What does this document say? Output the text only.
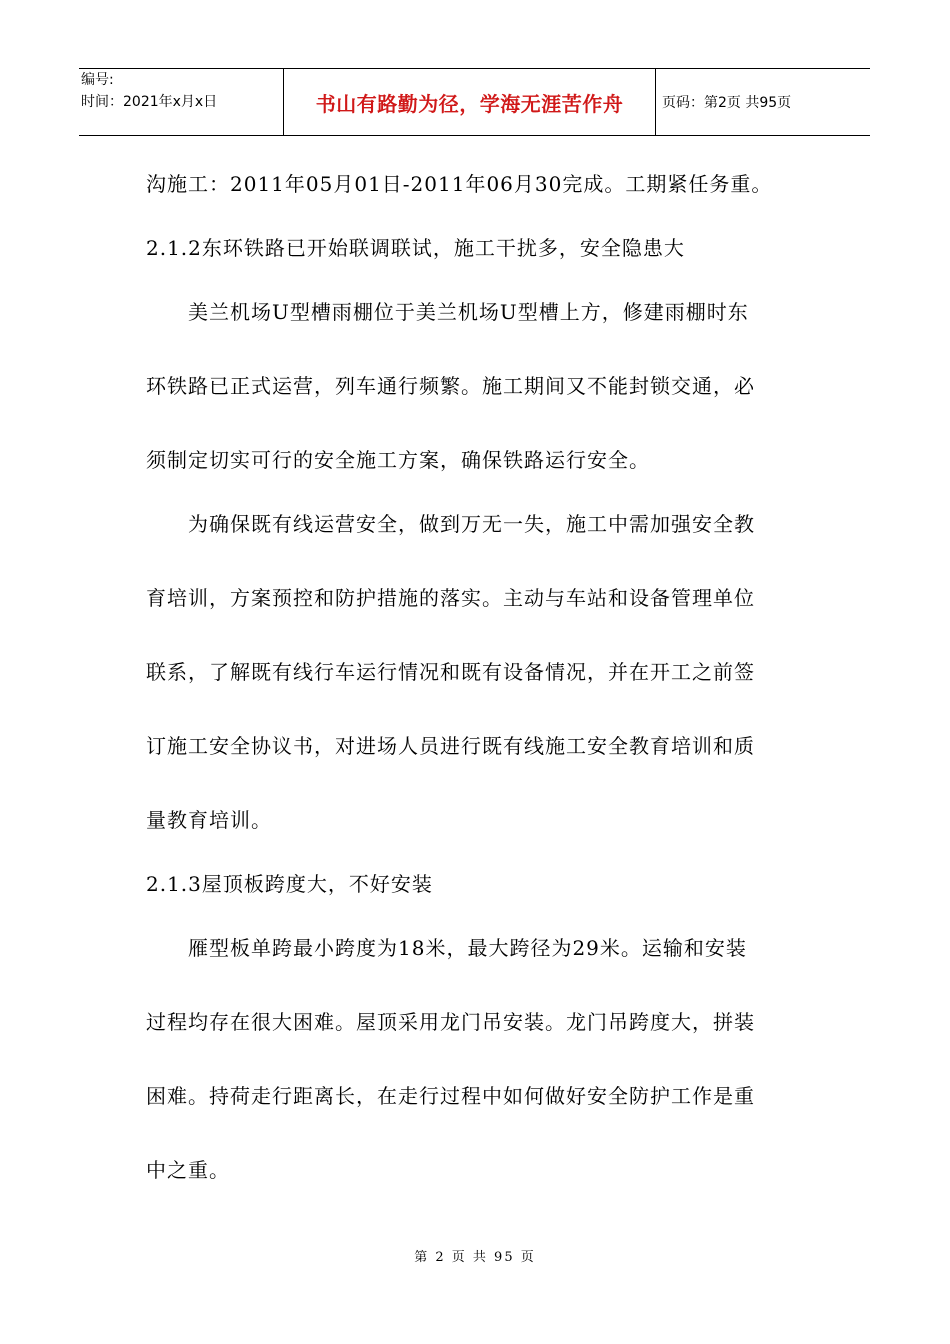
编号:
时间：2021年x月x日	书山有路勤为径，学海无涯苦作舟	页码：第2页 共95页

沟施工：2011年05月01日-2011年06月30完成。工期紧任务重。

2.1.2东环铁路已开始联调联试，施工干扰多，安全隐患大

美兰机场U型槽雨棚位于美兰机场U型槽上方，修建雨棚时东

环铁路已正式运营，列车通行频繁。施工期间又不能封锁交通，必

须制定切实可行的安全施工方案，确保铁路运行安全。

为确保既有线运营安全，做到万无一失，施工中需加强安全教

育培训，方案预控和防护措施的落实。主动与车站和设备管理单位

联系，了解既有线行车运行情况和既有设备情况，并在开工之前签

订施工安全协议书，对进场人员进行既有线施工安全教育培训和质

量教育培训。

2.1.3屋顶板跨度大，不好安装

雁型板单跨最小跨度为18米，最大跨径为29米。运输和安装

过程均存在很大困难。屋顶采用龙门吊安装。龙门吊跨度大，拼装

困难。持荷走行距离长，在走行过程中如何做好安全防护工作是重

中之重。

第 2 页 共 95 页
